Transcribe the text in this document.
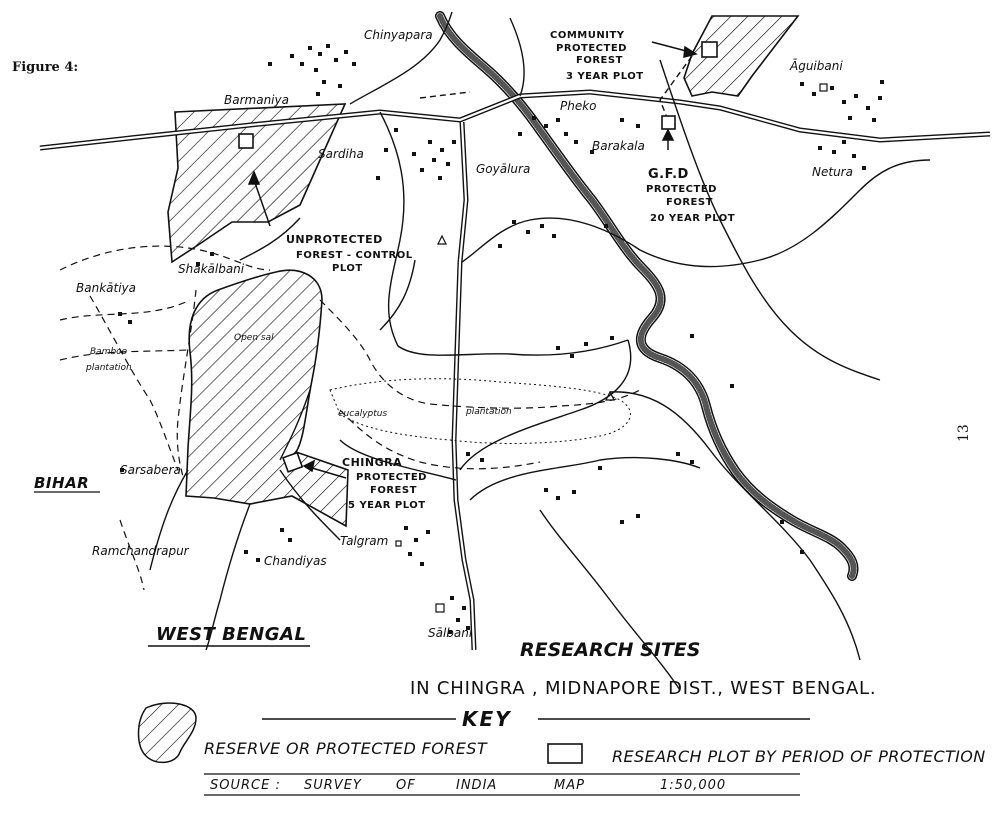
Figure 4:
13
Chinyapara
Barmaniya
Sardiha
Goyālura
Pheko
Barakala
Āguibani
Netura
Shākālbani
Bankātiya
Sarsabera
Ramchandrapur
Chandiyas
Talgram
Sālbani
Bamboo
plantation
Open sal
eucalyptus	plantation
COMMUNITY
PROTECTED
FOREST
3 YEAR PLOT
G.F.D
PROTECTED
FOREST
20 YEAR PLOT
UNPROTECTED
FOREST - CONTROL
PLOT
CHINGRA
PROTECTED
FOREST
5 YEAR PLOT
BIHAR
WEST BENGAL
RESEARCH SITES
IN CHINGRA , MIDNAPORE DIST., WEST BENGAL.
KEY
RESERVE OR PROTECTED FOREST	RESEARCH PLOT BY PERIOD OF PROTECTION
SOURCE : SURVEY	OF	INDIA	MAP	1:50,000
